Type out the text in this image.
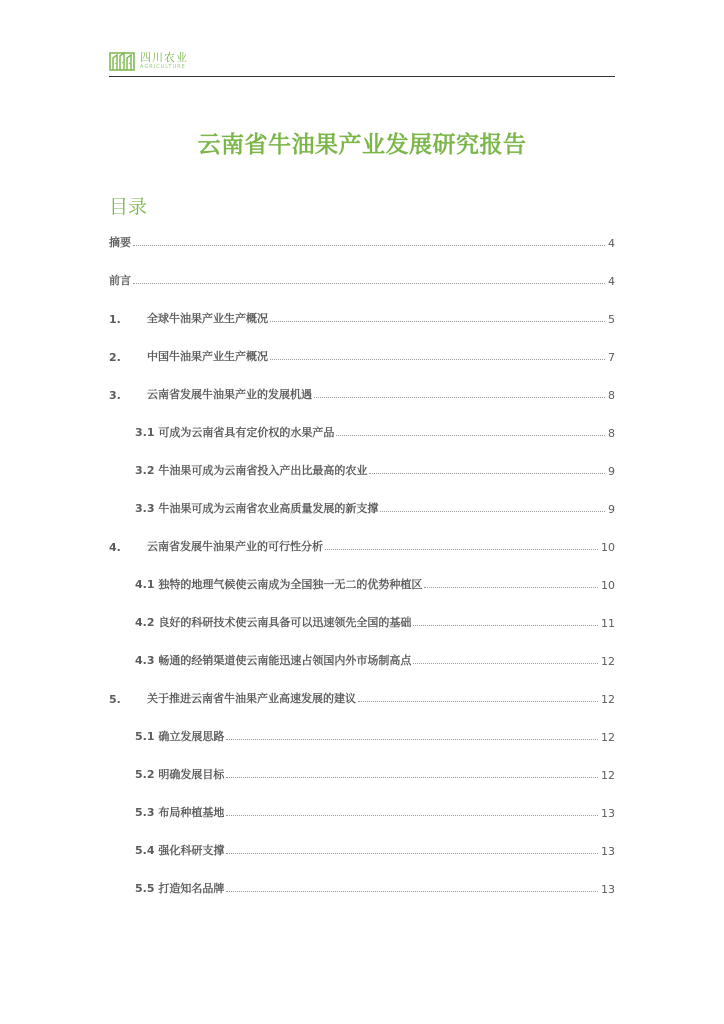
四川农业
AGRICULTURE
云南省牛油果产业发展研究报告
目录
摘要	4
前言	4
1.	全球牛油果产业生产概况	5
2.	中国牛油果产业生产概况	7
3.	云南省发展牛油果产业的发展机遇	8
3.1 可成为云南省具有定价权的水果产品	8
3.2 牛油果可成为云南省投入产出比最高的农业	9
3.3 牛油果可成为云南省农业高质量发展的新支撑	9
4.	云南省发展牛油果产业的可行性分析	10
4.1 独特的地理气候使云南成为全国独一无二的优势种植区	10
4.2 良好的科研技术使云南具备可以迅速领先全国的基础	11
4.3 畅通的经销渠道使云南能迅速占领国内外市场制高点	12
5.	关于推进云南省牛油果产业高速发展的建议	12
5.1 确立发展思路	12
5.2 明确发展目标	12
5.3 布局种植基地	13
5.4 强化科研支撑	13
5.5 打造知名品牌	13
